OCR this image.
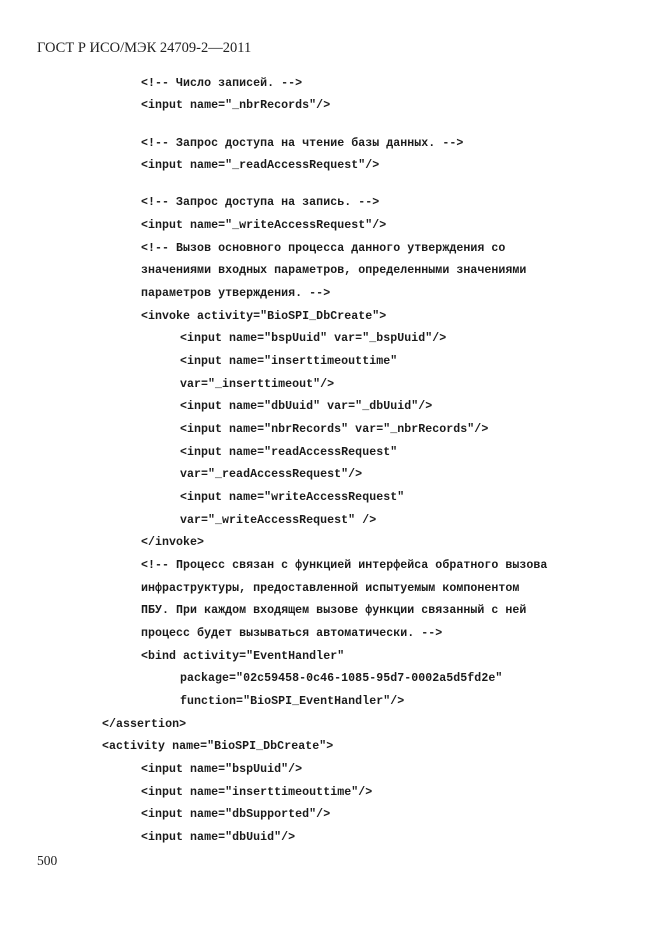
ГОСТ Р ИСО/МЭК 24709-2—2011
<!-- Число записей. -->
<input name="_nbrRecords"/>
<!-- Запрос доступа на чтение базы данных. -->
<input name="_readAccessRequest"/>
<!-- Запрос доступа на запись. -->
<input name="_writeAccessRequest"/>
<!-- Вызов основного процесса данного утверждения со
значениями входных параметров, определенными значениями
параметров утверждения. -->
<invoke activity="BioSPI_DbCreate">
<input name="bspUuid" var="_bspUuid"/>
<input name="inserttimeouttime"
var="_inserttimeout"/>
<input name="dbUuid" var="_dbUuid"/>
<input name="nbrRecords" var="_nbrRecords"/>
<input name="readAccessRequest"
var="_readAccessRequest"/>
<input name="writeAccessRequest"
var="_writeAccessRequest" />
</invoke>
<!-- Процесс связан с функцией интерфейса обратного вызова
инфраструктуры, предоставленной испытуемым компонентом
ПБУ. При каждом входящем вызове функции связанный с ней
процесс будет вызываться автоматически. -->
<bind activity="EventHandler"
package="02c59458-0c46-1085-95d7-0002a5d5fd2e"
function="BioSPI_EventHandler"/>
</assertion>
<activity name="BioSPI_DbCreate">
<input name="bspUuid"/>
<input name="inserttimeouttime"/>
<input name="dbSupported"/>
<input name="dbUuid"/>
500
